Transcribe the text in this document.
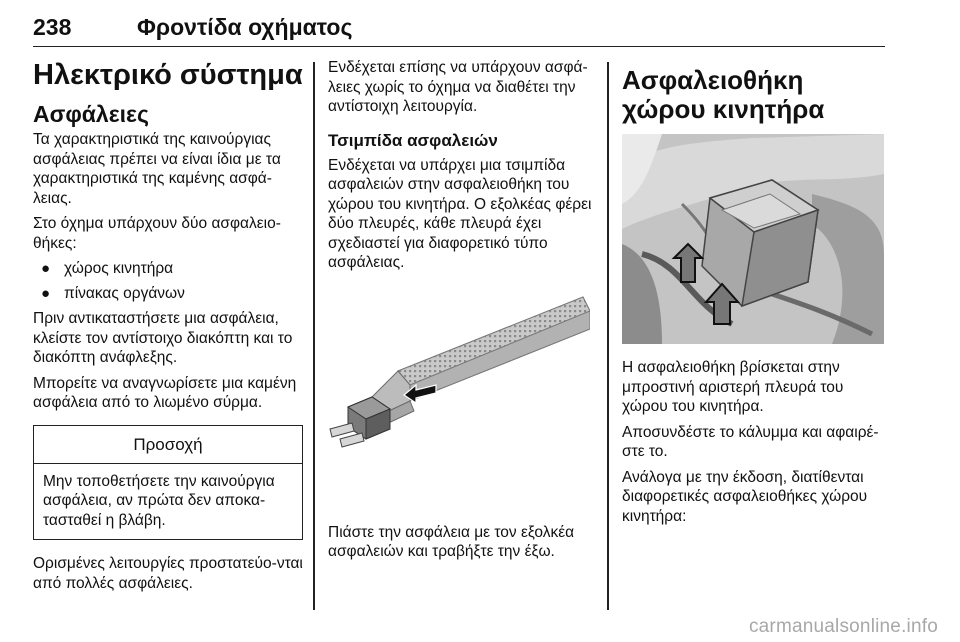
238	Φροντίδα οχήματος
Ηλεκτρικό σύστημα
Ασφάλειες

Τα χαρακτηριστικά της καινούργιας ασφάλειας πρέπει να είναι ίδια με τα χαρακτηριστικά της καμένης ασφά-λειας.

Στο όχημα υπάρχουν δύο ασφαλειο-θήκες:

● χώρος κινητήρα
● πίνακας οργάνων

Πριν αντικαταστήσετε μια ασφάλεια, κλείστε τον αντίστοιχο διακόπτη και το διακόπτη ανάφλεξης.

Μπορείτε να αναγνωρίσετε μια καμένη ασφάλεια από το λιωμένο σύρμα.

Προσοχή
Μην τοποθετήσετε την καινούργια ασφάλεια, αν πρώτα δεν αποκα-τασταθεί η βλάβη.

Ορισμένες λειτουργίες προστατεύο-νται από πολλές ασφάλειες.

Ενδέχεται επίσης να υπάρχουν ασφά-λειες χωρίς το όχημα να διαθέτει την αντίστοιχη λειτουργία.

Τσιμπίδα ασφαλειών

Ενδέχεται να υπάρχει μια τσιμπίδα ασφαλειών στην ασφαλειοθήκη του χώρου του κινητήρα. Ο εξολκέας φέρει δύο πλευρές, κάθε πλευρά έχει σχεδιαστεί για διαφορετικό τύπο ασφάλειας.

Πιάστε την ασφάλεια με τον εξολκέα ασφαλειών και τραβήξτε την έξω.

Ασφαλειοθήκη χώρου κινητήρα

Η ασφαλειοθήκη βρίσκεται στην μπροστινή αριστερή πλευρά του χώρου του κινητήρα.

Αποσυνδέστε το κάλυμμα και αφαιρέ-στε το.

Ανάλογα με την έκδοση, διατίθενται διαφορετικές ασφαλειοθήκες χώρου κινητήρα:

carmanualsonline.info
